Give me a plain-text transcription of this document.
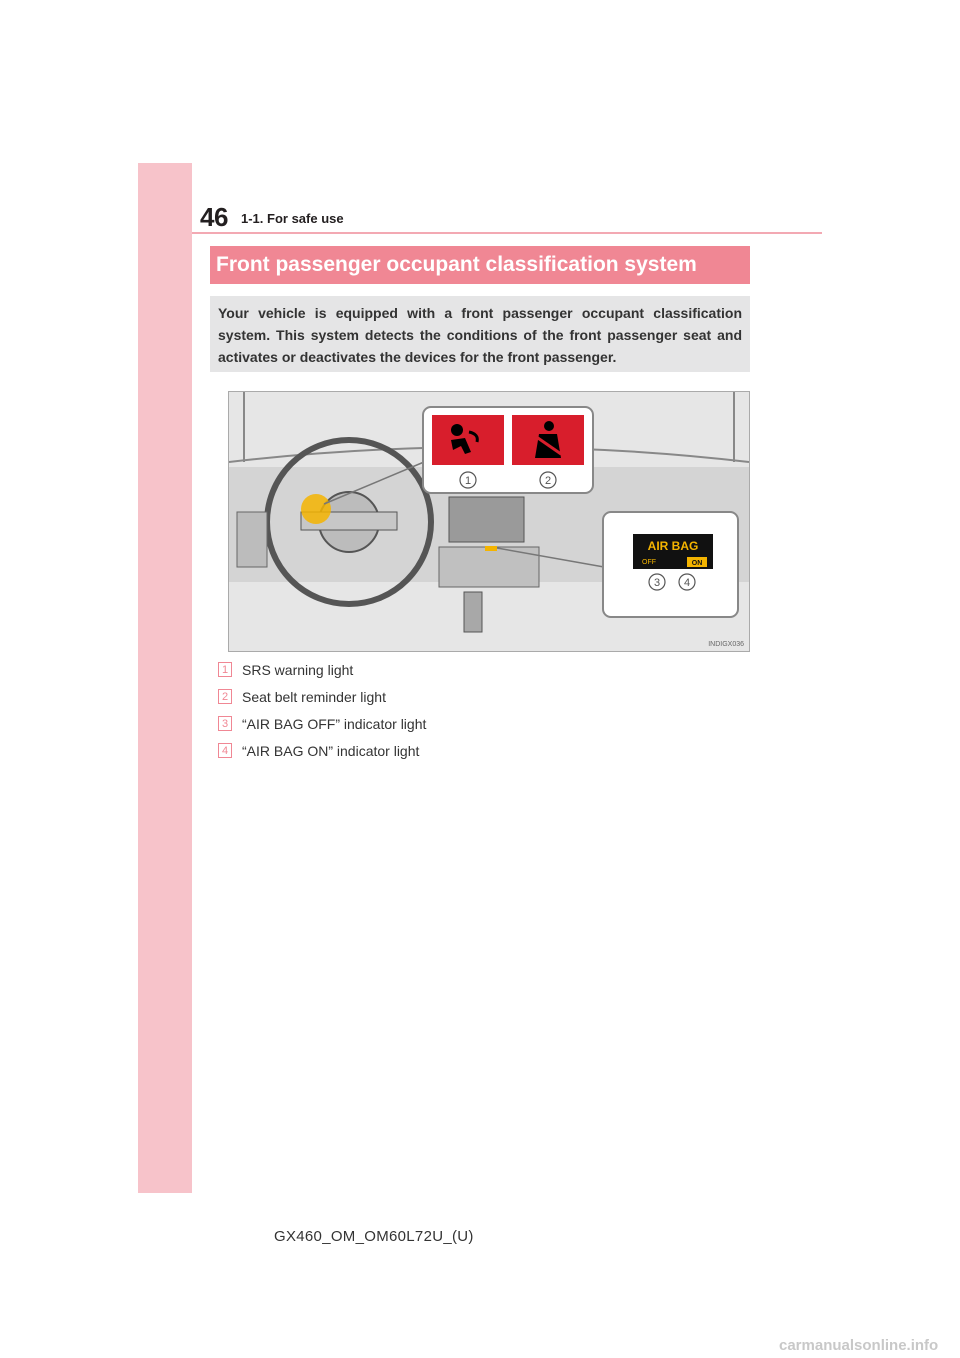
46 1-1. For safe use
Front passenger occupant classification system
Your vehicle is equipped with a front passenger occupant classification system. This system detects the conditions of the front passenger seat and activates or deactivates the devices for the front passenger.
1	2
AIR BAG
OFF	ON
3 4
INDIGX036
1 SRS warning light
2 Seat belt reminder light
3 “AIR BAG OFF” indicator light
4 “AIR BAG ON” indicator light
GX460_OM_OM60L72U_(U)
carmanualsonline.info
